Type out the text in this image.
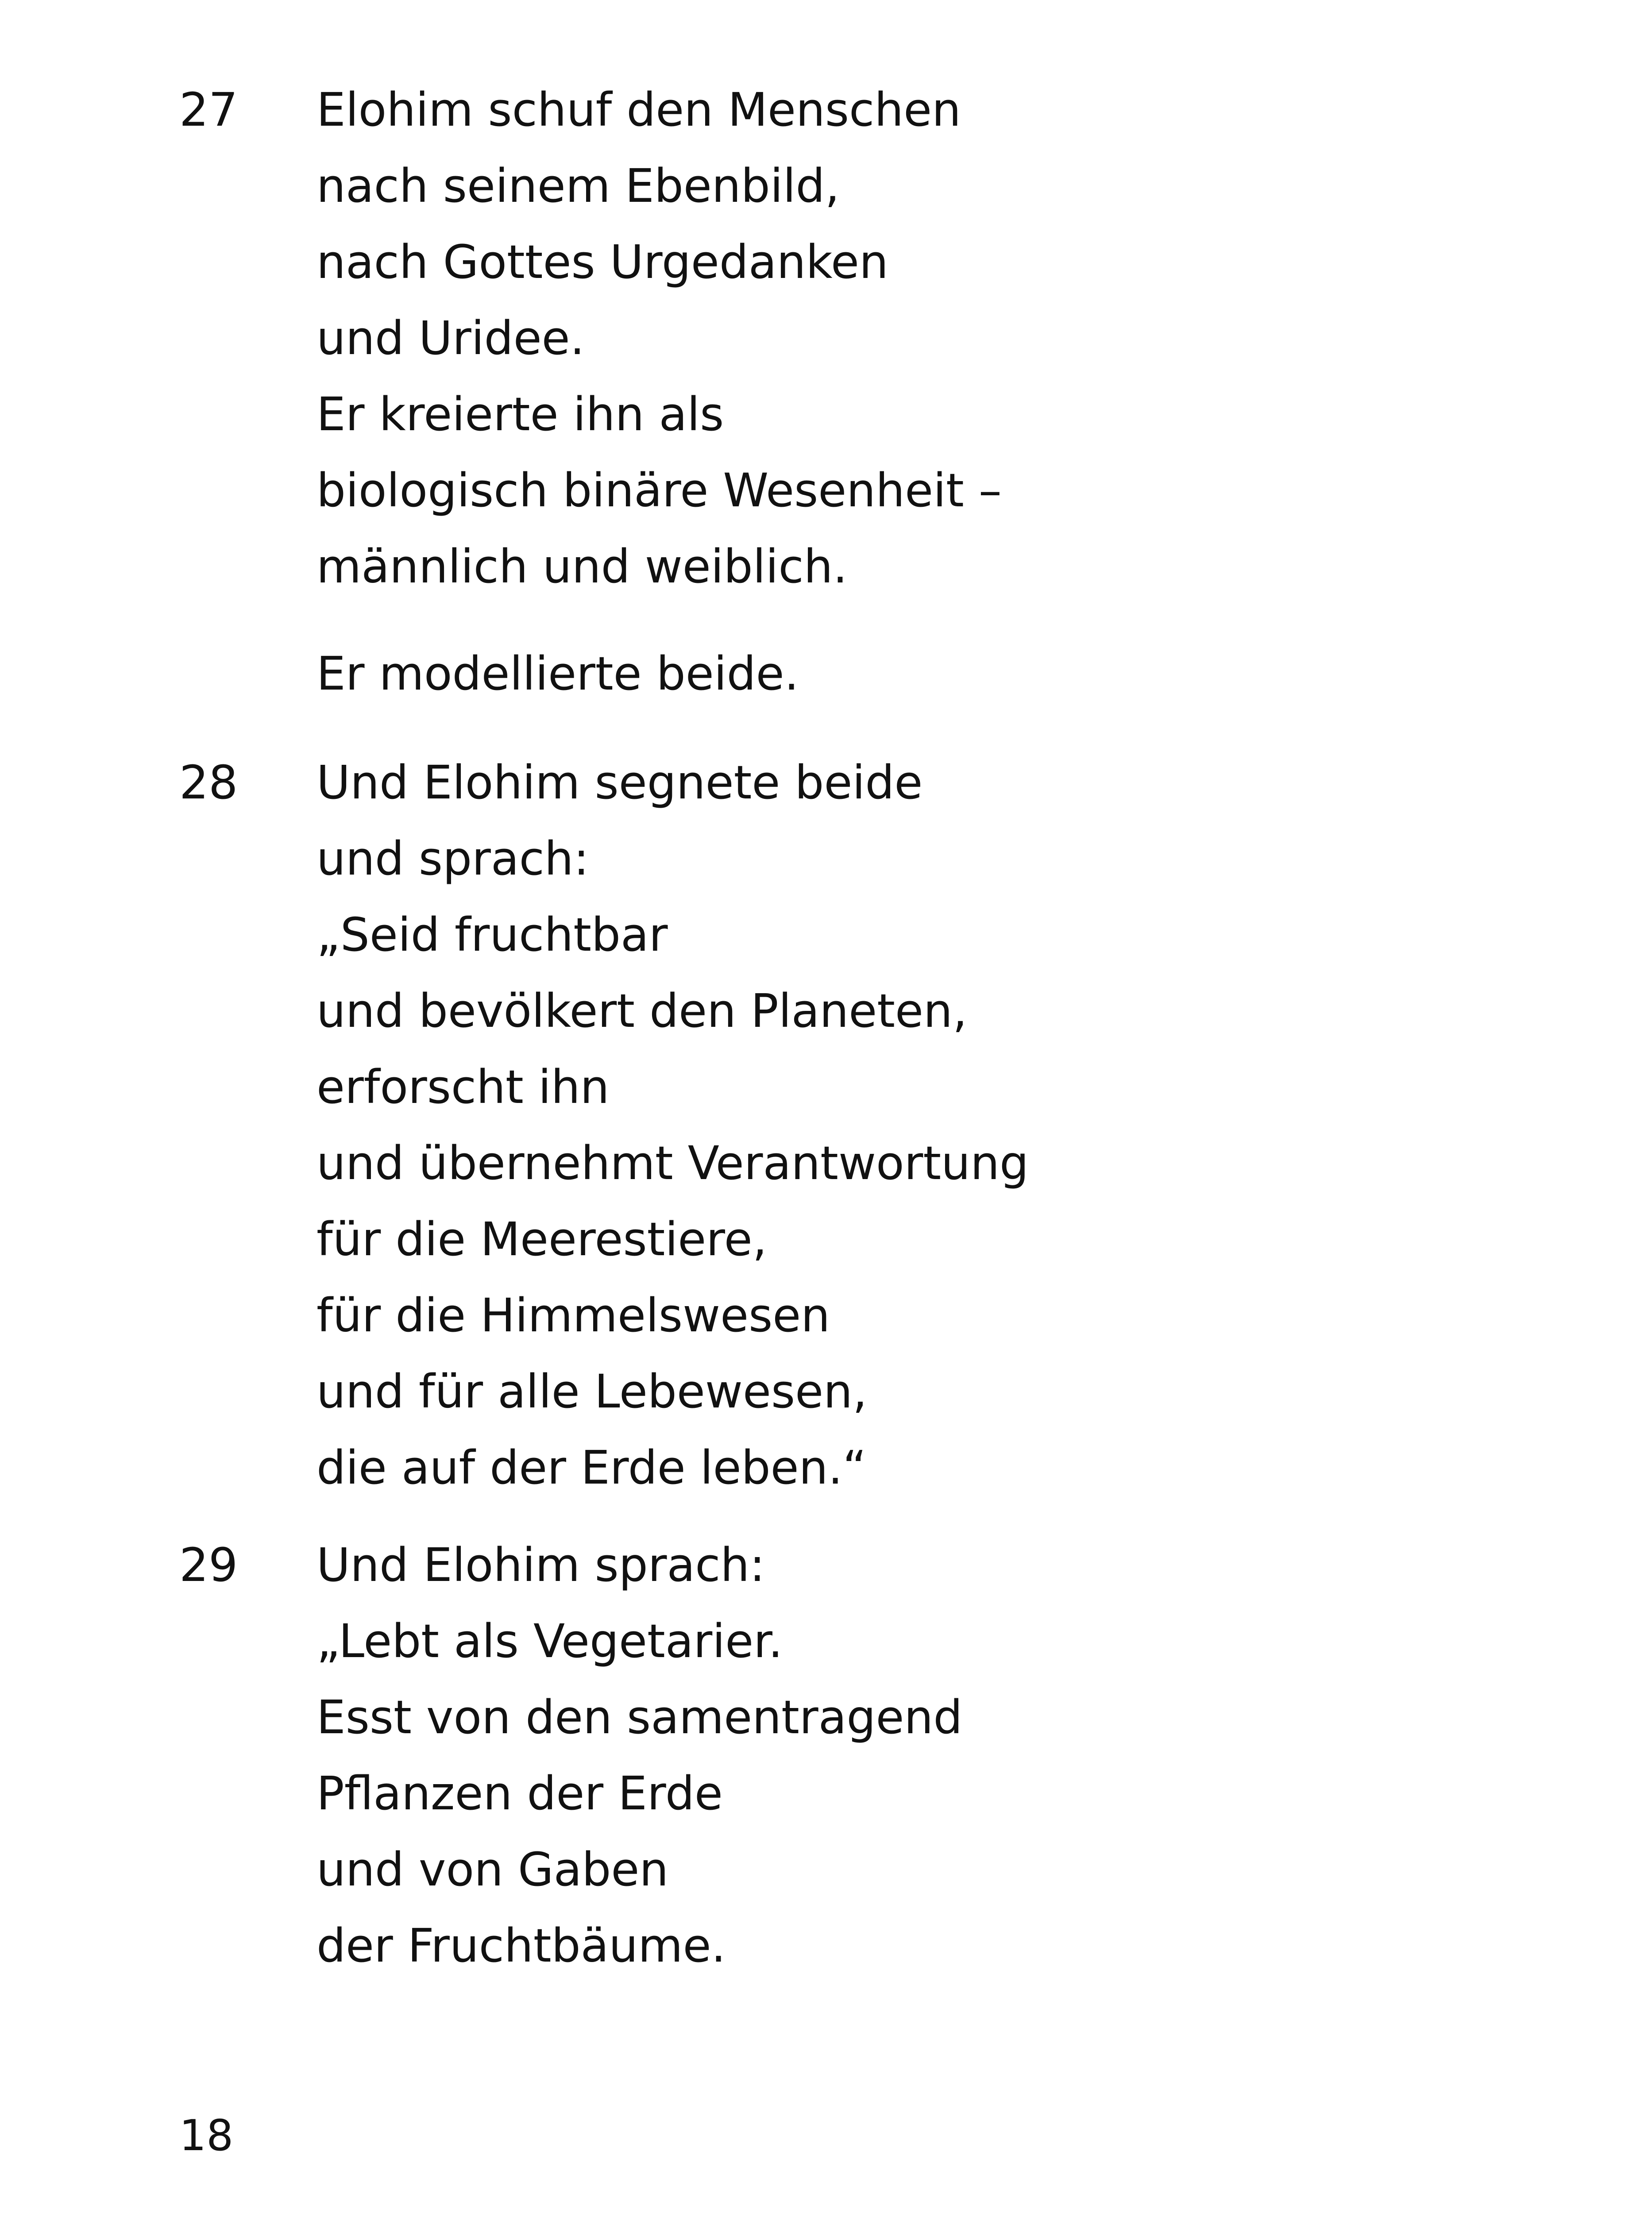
27 Elohim schuf den Menschen
nach seinem Ebenbild,
nach Gottes Urgedanken
und Uridee.
Er kreierte ihn als
biologisch binäre Wesenheit –
männlich und weiblich.
Er modellierte beide.
28 Und Elohim segnete beide
und sprach:
„Seid fruchtbar
und bevölkert den Planeten,
erforscht ihn
und übernehmt Verantwortung
für die Meerestiere,
für die Himmelswesen
und für alle Lebewesen,
die auf der Erde leben.“
29 Und Elohim sprach:
„Lebt als Vegetarier.
Esst von den samentragend
Pflanzen der Erde
und von Gaben
der Fruchtbäume.
18
